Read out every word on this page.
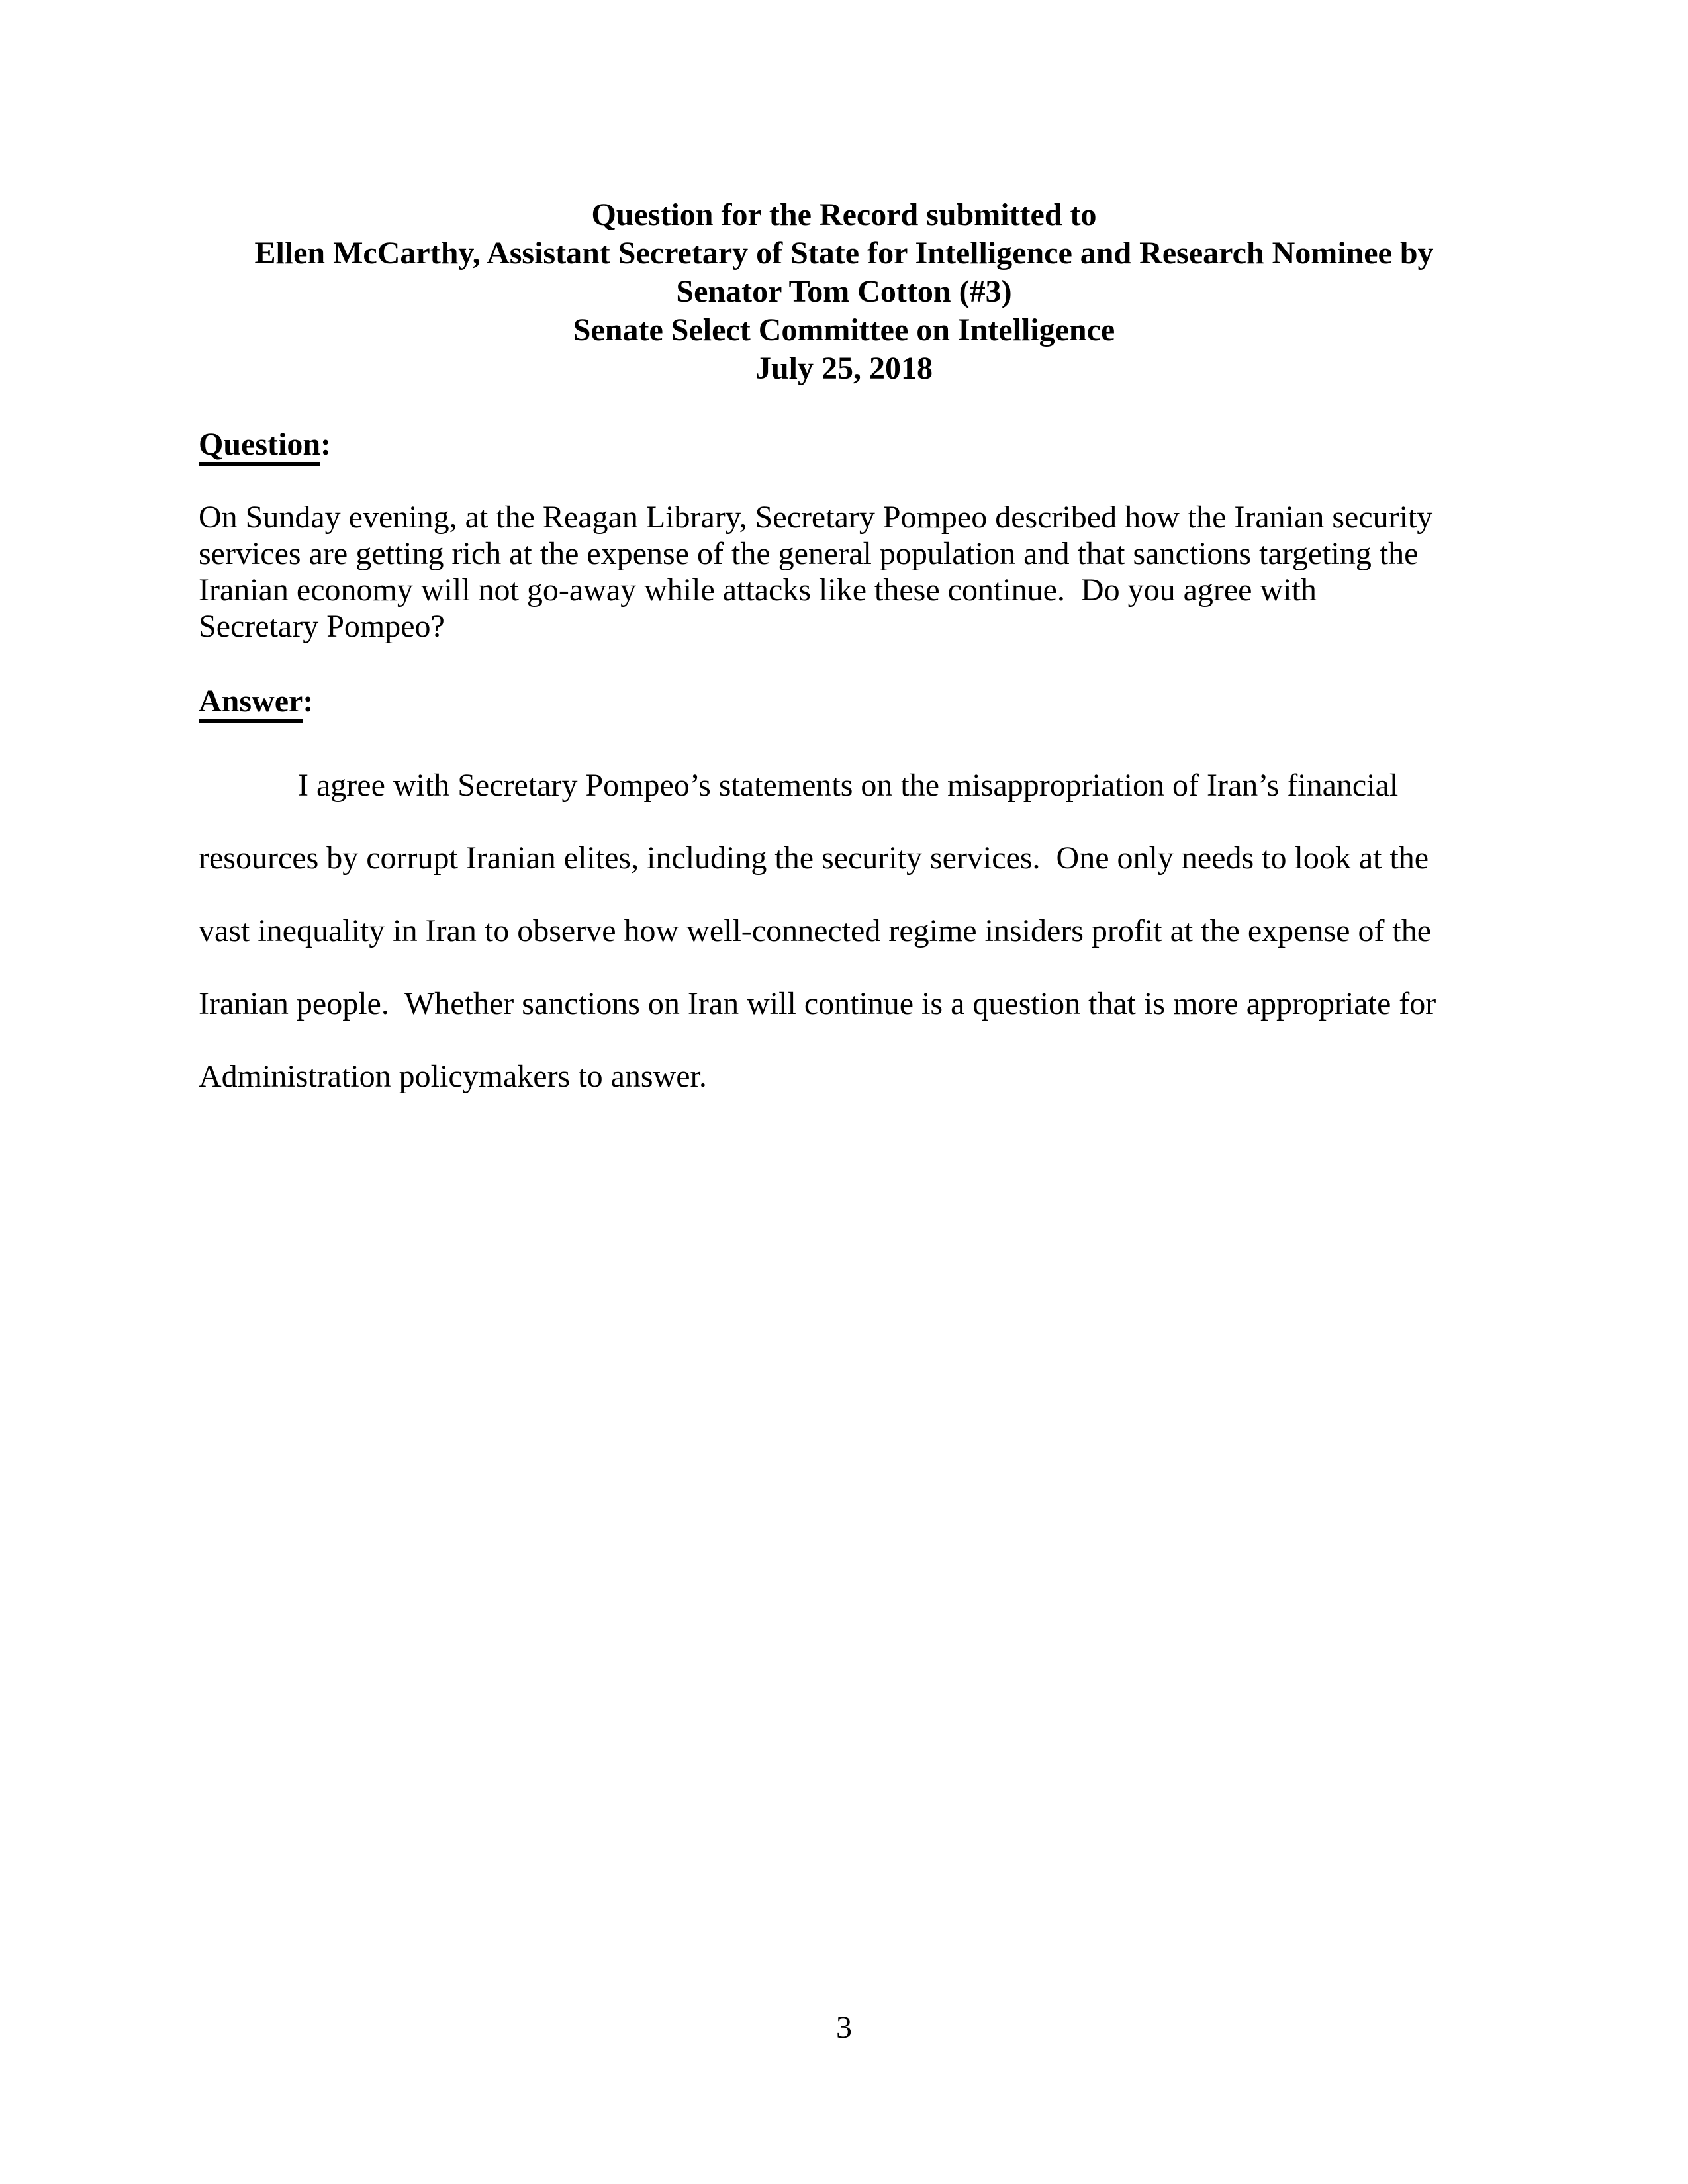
Question for the Record submitted to
Ellen McCarthy, Assistant Secretary of State for Intelligence and Research Nominee by
Senator Tom Cotton (#3)
Senate Select Committee on Intelligence
July 25, 2018
Question:
On Sunday evening, at the Reagan Library, Secretary Pompeo described how the Iranian security
services are getting rich at the expense of the general population and that sanctions targeting the
Iranian economy will not go-away while attacks like these continue.  Do you agree with
Secretary Pompeo?
Answer:
I agree with Secretary Pompeo’s statements on the misappropriation of Iran’s financial
resources by corrupt Iranian elites, including the security services.  One only needs to look at the
vast inequality in Iran to observe how well-connected regime insiders profit at the expense of the
Iranian people.  Whether sanctions on Iran will continue is a question that is more appropriate for
Administration policymakers to answer.
3
